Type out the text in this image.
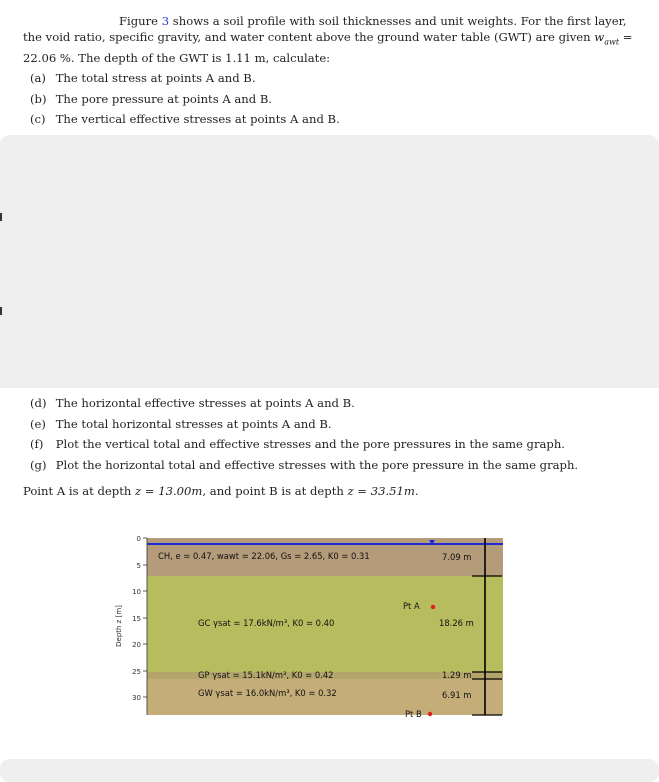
Figure 3 shows a soil profile with soil thicknesses and unit weights. For the first layer, the void ratio, specific gravity, and water content above the ground water table (GWT) are given $w_{awt} = 22.06$ %. The depth of the GWT is 1.11 m, calculate:
(a) The total stress at points A and B.
(b) The pore pressure at points A and B.
(c) The vertical effective stresses at points A and B.
(d) The horizontal effective stresses at points A and B.
(e) The total horizontal stresses at points A and B.
(f) Plot the vertical total and effective stresses and the pore pressures in the same graph.
(g) Plot the horizontal total and effective stresses with the pore pressure in the same graph.
Point A is at depth z = 13.00m, and point B is at depth z = 33.51m.
0
5
10
15
20
25
30
Depth z [m]
CH, e = 0.47, wawt = 22.06, Gs = 2.65, K0 = 0.31
GC γsat = 17.6kN/m³, K0 = 0.40
GP γsat = 15.1kN/m³, K0 = 0.42
GW γsat = 16.0kN/m³, K0 = 0.32
Pt A
Pt B
7.09 m
18.26 m
1.29 m
6.91 m
